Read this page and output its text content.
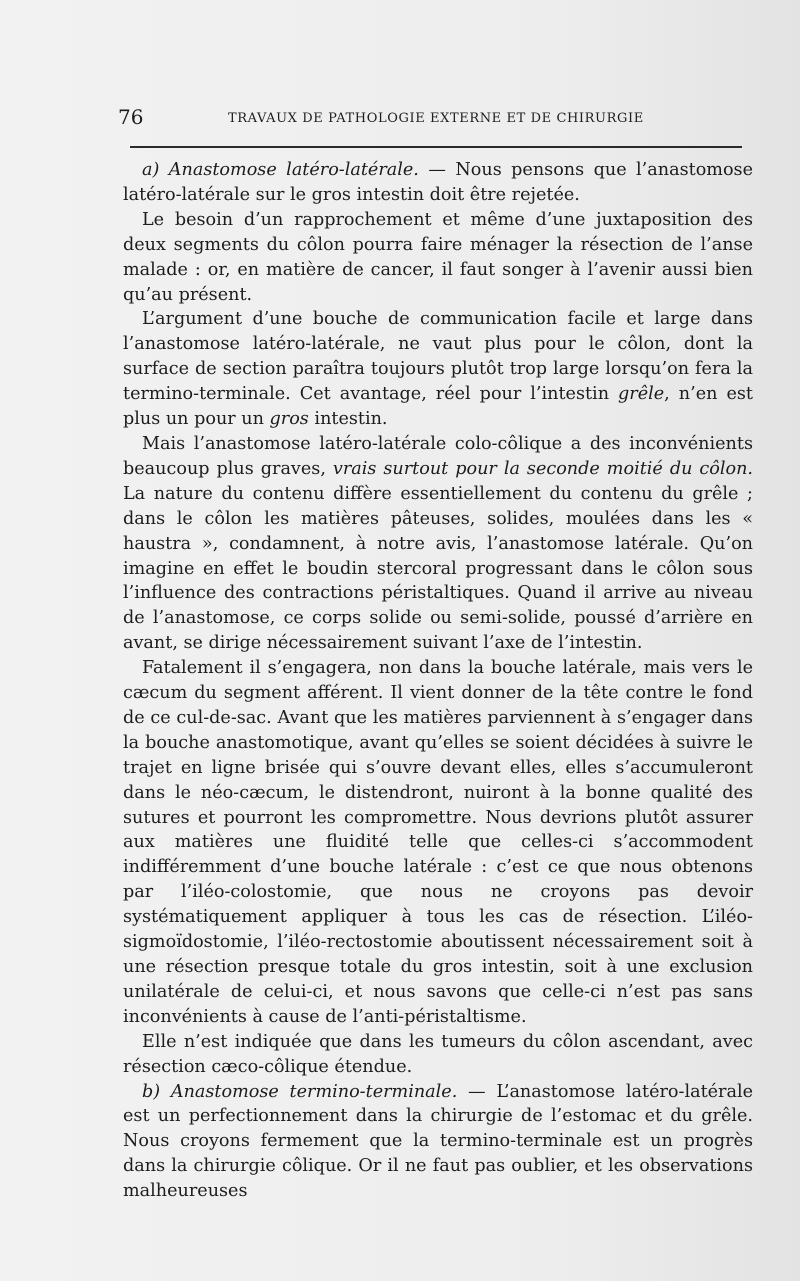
76	TRAVAUX DE PATHOLOGIE EXTERNE ET DE CHIRURGIE

a) Anastomose latéro-latérale. — Nous pensons que l’anastomose latéro-latérale sur le gros intestin doit être rejetée.

Le besoin d’un rapprochement et même d’une juxtaposition des deux segments du côlon pourra faire ménager la résection de l’anse malade : or, en matière de cancer, il faut songer à l’avenir aussi bien qu’au présent.

L’argument d’une bouche de communication facile et large dans l’anastomose latéro-latérale, ne vaut plus pour le côlon, dont la surface de section paraîtra toujours plutôt trop large lorsqu’on fera la termino-terminale. Cet avantage, réel pour l’intestin grêle, n’en est plus un pour un gros intestin.

Mais l’anastomose latéro-latérale colo-côlique a des inconvénients beaucoup plus graves, vrais surtout pour la seconde moitié du côlon. La nature du contenu diffère essentiellement du contenu du grêle ; dans le côlon les matières pâteuses, solides, moulées dans les « haustra », condamnent, à notre avis, l’anastomose latérale. Qu’on imagine en effet le boudin stercoral progressant dans le côlon sous l’influence des contractions péristaltiques. Quand il arrive au niveau de l’anastomose, ce corps solide ou semi-solide, poussé d’arrière en avant, se dirige nécessairement suivant l’axe de l’intestin.

Fatalement il s’engagera, non dans la bouche latérale, mais vers le cæcum du segment afférent. Il vient donner de la tête contre le fond de ce cul-de-sac. Avant que les matières parviennent à s’engager dans la bouche anastomotique, avant qu’elles se soient décidées à suivre le trajet en ligne brisée qui s’ouvre devant elles, elles s’accumuleront dans le néo-cæcum, le distendront, nuiront à la bonne qualité des sutures et pourront les compromettre. Nous devrions plutôt assurer aux matières une fluidité telle que celles-ci s’accommodent indifféremment d’une bouche latérale : c’est ce que nous obtenons par l’iléo-colostomie, que nous ne croyons pas devoir systématiquement appliquer à tous les cas de résection. L’iléo-sigmoïdostomie, l’iléo-rectostomie aboutissent nécessairement soit à une résection presque totale du gros intestin, soit à une exclusion unilatérale de celui-ci, et nous savons que celle-ci n’est pas sans inconvénients à cause de l’anti-péristaltisme.

Elle n’est indiquée que dans les tumeurs du côlon ascendant, avec résection cæco-côlique étendue.

b) Anastomose termino-terminale. — L’anastomose latéro-latérale est un perfectionnement dans la chirurgie de l’estomac et du grêle. Nous croyons fermement que la termino-terminale est un progrès dans la chirurgie côlique. Or il ne faut pas oublier, et les observations malheureuses
